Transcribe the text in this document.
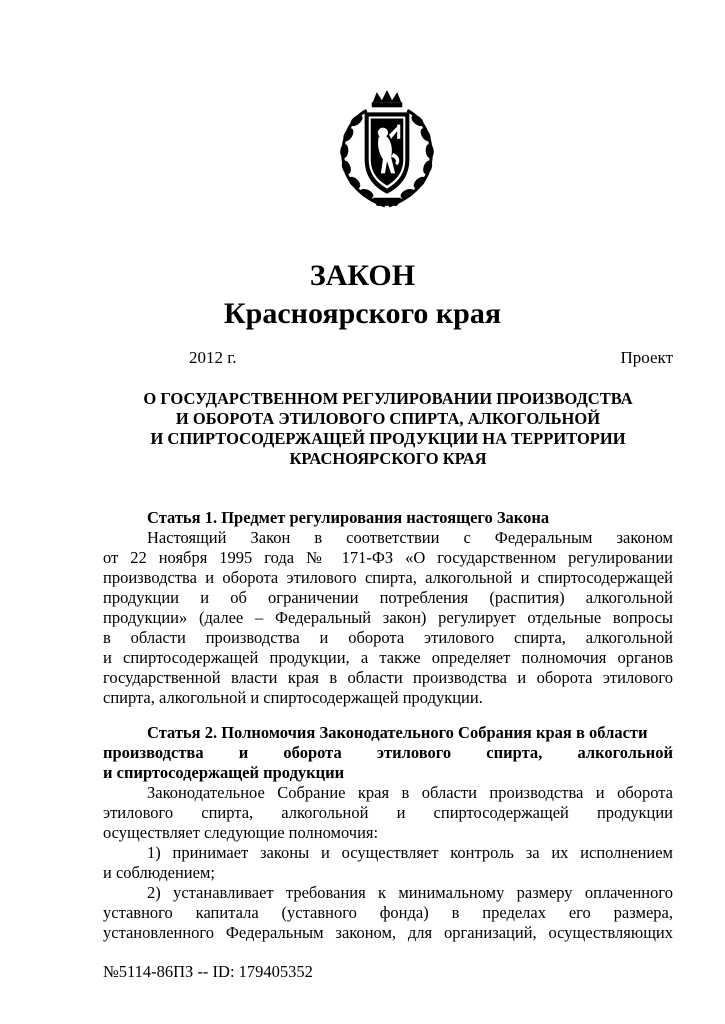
ЗАКОН
Красноярского края
2012 г.	Проект
О ГОСУДАРСТВЕННОМ РЕГУЛИРОВАНИИ ПРОИЗВОДСТВА
И ОБОРОТА ЭТИЛОВОГО СПИРТА, АЛКОГОЛЬНОЙ
И СПИРТОСОДЕРЖАЩЕЙ ПРОДУКЦИИ НА ТЕРРИТОРИИ
КРАСНОЯРСКОГО КРАЯ
Статья 1. Предмет регулирования настоящего Закона
Настоящий Закон в соответствии с Федеральным законом
от 22 ноября 1995 года № 171-ФЗ «О государственном регулировании
производства и оборота этилового спирта, алкогольной и спиртосодержащей
продукции и об ограничении потребления (распития) алкогольной
продукции» (далее – Федеральный закон) регулирует отдельные вопросы
в области производства и оборота этилового спирта, алкогольной
и спиртосодержащей продукции, а также определяет полномочия органов
государственной власти края в области производства и оборота этилового
спирта, алкогольной и спиртосодержащей продукции.
Статья 2. Полномочия Законодательного Собрания края в области
производства и оборота этилового спирта, алкогольной
и спиртосодержащей продукции
Законодательное Собрание края в области производства и оборота
этилового спирта, алкогольной и спиртосодержащей продукции
осуществляет следующие полномочия:
1) принимает законы и осуществляет контроль за их исполнением
и соблюдением;
2) устанавливает требования к минимальному размеру оплаченного
уставного капитала (уставного фонда) в пределах его размера,
установленного Федеральным законом, для организаций, осуществляющих
№5114-86ПЗ -- ID: 179405352
